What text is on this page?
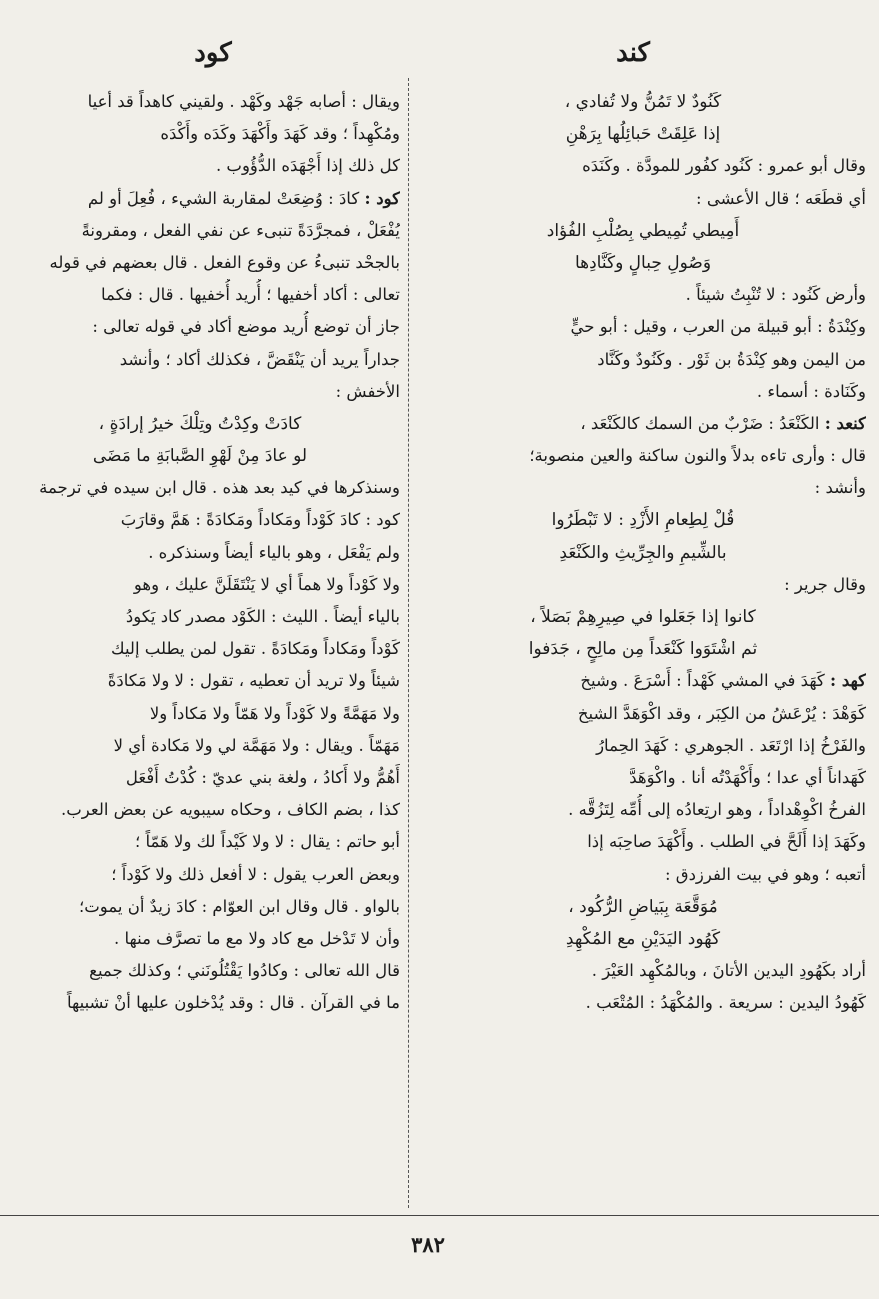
كند
كود
كَنُودٌ لا تَمُنُّ ولا تُفادي ،
إذا عَلِقَتْ حَبائِلُها بِرَهْنِ
وقال أبو عمرو : كَنُود كفُور للمودَّة . وكَنَدَه
أي قطَعَه ؛ قال الأعشى :
أَمِيطي تُمِيطي بِصُلْبِ الفُؤاد
وَصُولِ حِبالٍ وكَنَّادِها
وأرض كَنُود : لا تُنْبِتُ شيئاً .
وكِنْدَةُ : أبو قبيلة من العرب ، وقيل : أبو حيٍّ
من اليمن وهو كِنْدَةُ بن ثَوْر . وكَنُودٌ وكَنَّاد
وكَنَادة : أسماء .
كنعد : الكَنْعَدُ : ضَرْبٌ من السمك كالكَنْعَد ،
قال : وأرى تاءه بدلاً والنون ساكنة والعين منصوبة؛
وأنشد :
قُلْ لِطِعامِ الأَزْدِ : لا تَبْطَرُوا
بالشِّيمِ والجِرِّيثِ والكَنْعَدِ
وقال جرير :
كانوا إذا جَعَلوا في صِيرِهِمْ بَصَلاً ،
ثم اشْتَوَوا كَنْعَداً مِن مالِحٍ ، جَدَفوا
كهد : كَهَدَ في المشي كَهْداً : أَسْرَعَ . وشيخ
كَوَهْدَ : يُرْعَشُ من الكِبَر ، وقد اكْوَهَدَّ الشيخ
والفَرْخُ إذا ارْتَعَد . الجوهري : كَهَدَ الحِمارُ
كَهَداناً أي عدا ؛ وأَكْهَدْتُه أنا . واكْوَهَدَّ
الفرخُ اكْوِهْداداً ، وهو ارتِعادُه إلى أُمِّه لِتَزُقَّه .
وكَهَدَ إذا أَلَحَّ في الطلب . وأَكْهَدَ صاحِبَه إذا
أتعبه ؛ وهو في بيت الفرزدق :
مُوَقَّعَة بِبَياضِ الرُّكُود ،
كَهُود اليَدَيْنِ مع المُكْهِدِ
أراد بكَهُودِ اليدين الأتانَ ، وبالمُكْهِد العَيْرَ .
كَهُودُ اليدين : سريعة . والمُكْهَدُ : المُتْعَب .
ويقال : أصابه جَهْد وكَهْد . ولقيني كاهداً قد أعيا
ومُكْهِداً ؛ وقد كَهَدَ وأَكْهَدَ وكَدَه وأَكْدَه
كل ذلك إذا أَجْهَدَه الدُّؤُوب .
كود : كادَ : وُضِعَتْ لمقاربة الشيء ، فُعِلَ أو لم
يُفْعَلْ ، فمجرَّدَةً تنبىء عن نفي الفعل ، ومقرونةً
بالجحْد تنبىءُ عن وقوع الفعل . قال بعضهم في قوله
تعالى : أكاد أخفيها ؛ أُريد أُخفيها . قال : فكما
جاز أن توضع أُريد موضع أكاد في قوله تعالى :
جداراً يريد أن يَنْقَضَّ ، فكذلك أكاد ؛ وأنشد
الأخفش :
كادَتْ وكِدْتُ وتِلْكَ خيرُ إرادَةٍ ،
لو عادَ مِنْ لَهْوِ الصَّبابَةِ ما مَضَى
وسنذكرها في كيد بعد هذه . قال ابن سيده في ترجمة
كود : كادَ كَوْداً ومَكاداً ومَكادَةً : هَمَّ وقارَبَ
ولم يَفْعَل ، وهو بالياء أيضاً وسنذكره .
ولا كَوْداً ولا هماً أي لا يَنْتَقَلَنَّ عليك ، وهو
بالياء أيضاً . الليث : الكَوْد مصدر كاد يَكودُ
كَوْداً ومَكاداً ومَكادَةً . تقول لمن يطلب إليك
شيئاً ولا تريد أن تعطيه ، تقول : لا ولا مَكادَةً
ولا مَهَمَّةً ولا كَوْداً ولا هَمّاً ولا مَكاداً ولا
مَهَمّاً . ويقال : ولا مَهَمَّة لي ولا مَكادة أي لا
أَهُمُّ ولا أَكادُ ، ولغة بني عديّ : كُدْتُ أَفْعَل
كذا ، بضم الكاف ، وحكاه سيبويه عن بعض العرب.
أبو حاتم : يقال : لا ولا كَيْداً لك ولا هَمّاً ؛
وبعض العرب يقول : لا أفعل ذلك ولا كَوْداً ؛
بالواو . قال وقال ابن العوّام : كادَ زيدٌ أن يموت؛
وأن لا تَدْخل مع كاد ولا مع ما تصرَّف منها .
قال الله تعالى : وكادُوا يَقْتُلُونَني ؛ وكذلك جميع
ما في القرآن . قال : وقد يُدْخلون عليها أنْ تشبيهاً
٣٨٢
